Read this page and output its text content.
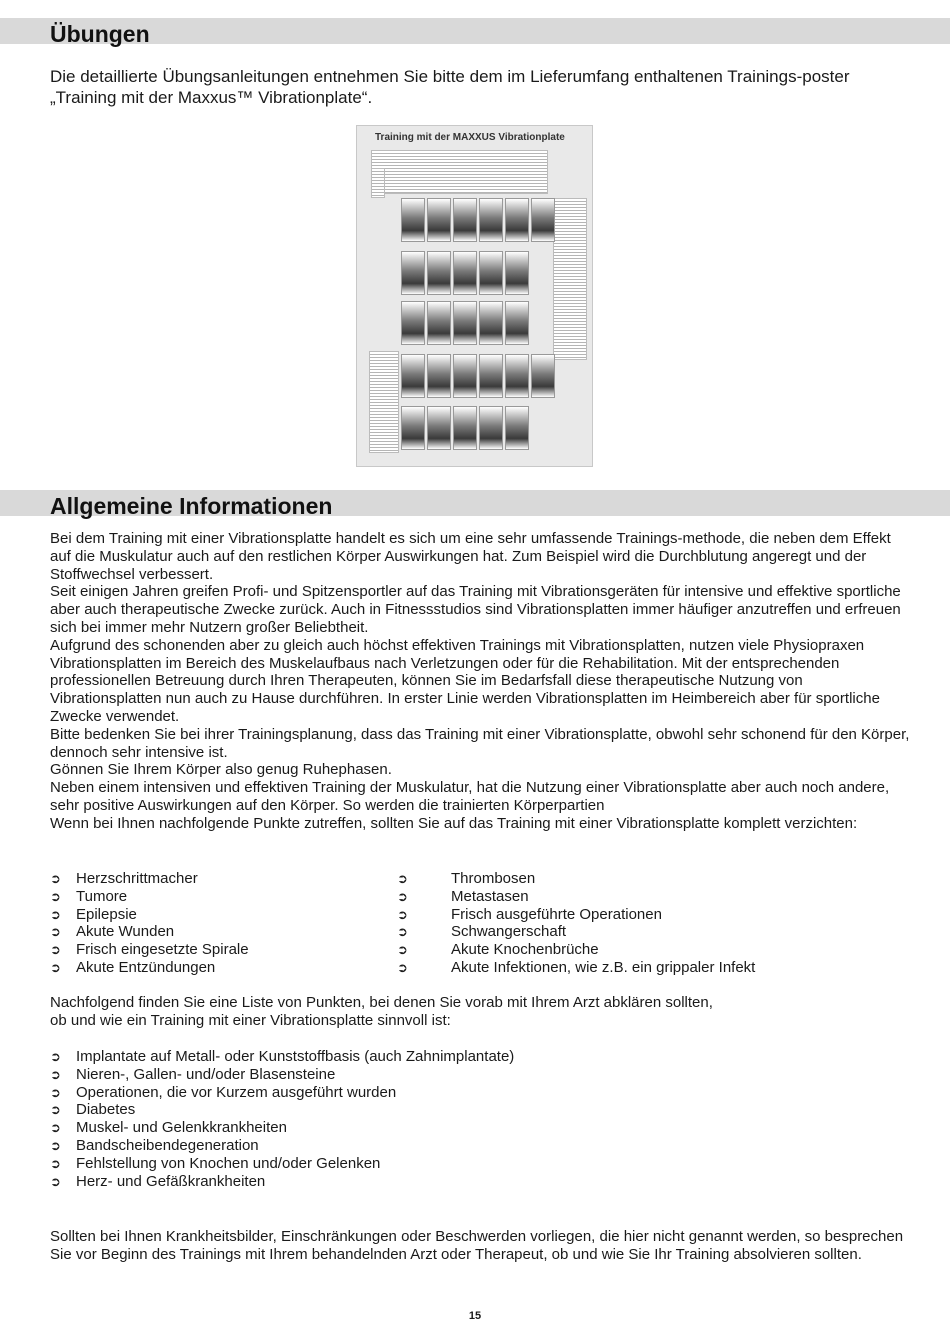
Übungen

Die detaillierte Übungsanleitungen entnehmen Sie bitte dem im Lieferumfang enthaltenen Trainings-poster „Training mit der Maxxus™ Vibrationplate“.

Training mit der MAXXUS Vibrationplate
Allgemeine Informationen

Bei dem Training mit einer Vibrationsplatte handelt es sich um eine sehr umfassende Trainings-methode, die neben dem Effekt auf die Muskulatur auch auf den restlichen Körper Auswirkungen hat. Zum Beispiel wird die Durchblutung angeregt und der Stoffwechsel verbessert.

Seit einigen Jahren greifen Profi- und Spitzensportler auf das Training mit Vibrationsgeräten für intensive und effektive sportliche aber auch therapeutische Zwecke zurück. Auch in Fitnessstudios sind Vibrationsplatten immer häufiger anzutreffen und erfreuen sich bei immer mehr Nutzern großer Beliebtheit.

Aufgrund des schonenden aber zu gleich auch höchst effektiven Trainings mit Vibrationsplatten, nutzen viele Physiopraxen Vibrationsplatten im Bereich des Muskelaufbaus nach Verletzungen oder für die Rehabilitation. Mit der entsprechenden professionellen Betreuung durch Ihren Therapeuten, können Sie im Bedarfsfall diese therapeutische Nutzung von Vibrationsplatten nun auch zu Hause durchführen. In erster Linie werden Vibrationsplatten im Heimbereich aber für sportliche Zwecke verwendet.

Bitte bedenken Sie bei ihrer Trainingsplanung, dass das Training mit einer Vibrationsplatte, obwohl sehr schonend für den Körper, dennoch sehr intensive ist.

Gönnen Sie Ihrem Körper also genug Ruhephasen.

Neben einem intensiven und effektiven Training der Muskulatur, hat die Nutzung einer Vibrationsplatte aber auch noch andere, sehr positive Auswirkungen auf den Körper. So werden die trainierten Körperpartien

Wenn bei Ihnen nachfolgende Punkte zutreffen, sollten Sie auf das Training mit einer Vibrationsplatte komplett verzichten:

➲	Herzschrittmacher
➲	Tumore
➲	Epilepsie
➲	Akute Wunden
➲	Frisch eingesetzte Spirale
➲	Akute Entzündungen
➲	Thrombosen
➲	Metastasen
➲	Frisch ausgeführte Operationen
➲	Schwangerschaft
➲	Akute Knochenbrüche
➲	Akute Infektionen, wie z.B. ein grippaler Infekt
Nachfolgend finden Sie eine Liste von Punkten, bei denen Sie vorab mit Ihrem Arzt abklären sollten,
ob und wie ein Training mit einer Vibrationsplatte sinnvoll ist:
➲	Implantate auf Metall- oder Kunststoffbasis (auch Zahnimplantate)
➲	Nieren-, Gallen- und/oder Blasensteine
➲	Operationen, die vor Kurzem ausgeführt wurden
➲	Diabetes
➲	Muskel- und Gelenkkrankheiten
➲	Bandscheibendegeneration
➲	Fehlstellung von Knochen und/oder Gelenken
➲	Herz- und Gefäßkrankheiten

Sollten bei Ihnen Krankheitsbilder, Einschränkungen oder Beschwerden vorliegen, die hier nicht genannt werden, so besprechen Sie vor Beginn des Trainings mit Ihrem behandelnden Arzt oder Therapeut, ob und wie Sie Ihr Training absolvieren sollten.

15
